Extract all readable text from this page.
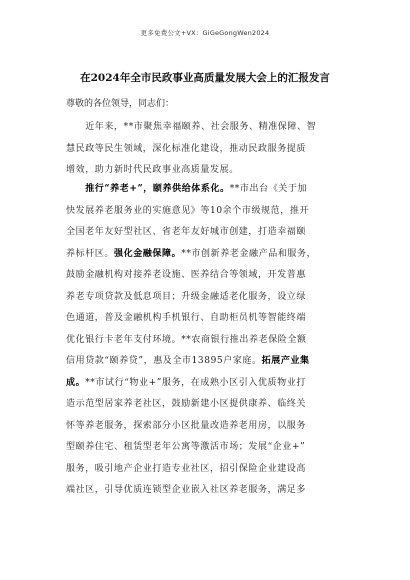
更多免费公文+VX：GiGeGongWen2024
在2024年全市民政事业高质量发展大会上的汇报发言
尊敬的各位领导，同志们：
　　近年来，**市聚焦幸福颐养、社会服务、精准保障、智
慧民政等民生领域，深化标准化建设，推动民政服务提质
增效，助力新时代民政事业高质量发展。
　　推行“养老+”，颐养供给体系化。**市出台《关于加
快发展养老服务业的实施意见》等10余个市级规范，推开
全国老年友好型社区、省老年友好城市创建，打造幸福颐
养标杆区。强化金融保障。**市创新养老金融产品和服务，
鼓励金融机构对接养老设施、医养结合等领域，开发普惠
养老专项贷款及低息项目；升级金融适老化服务，设立绿
色通道，普及金融机构手机银行、自助柜员机等智能终端
优化银行卡老年支付环境。**农商银行推出养老保险全额
信用贷款“颐养贷”，惠及全市13895户家庭。拓展产业集
成。**市试行“物业+”服务，在成熟小区引入优质物业打
造示范型居家养老社区，鼓励新建小区提供康养、临终关
怀等养老服务，探索部分小区批量改造养老用房，以服务
型颐养住宅、租赁型老年公寓等激活市场；发展“企业+”
服务，吸引地产企业打造专业社区，招引保险企业建设高
端社区，引导优质连锁型企业嵌入社区养老服务，满足多
